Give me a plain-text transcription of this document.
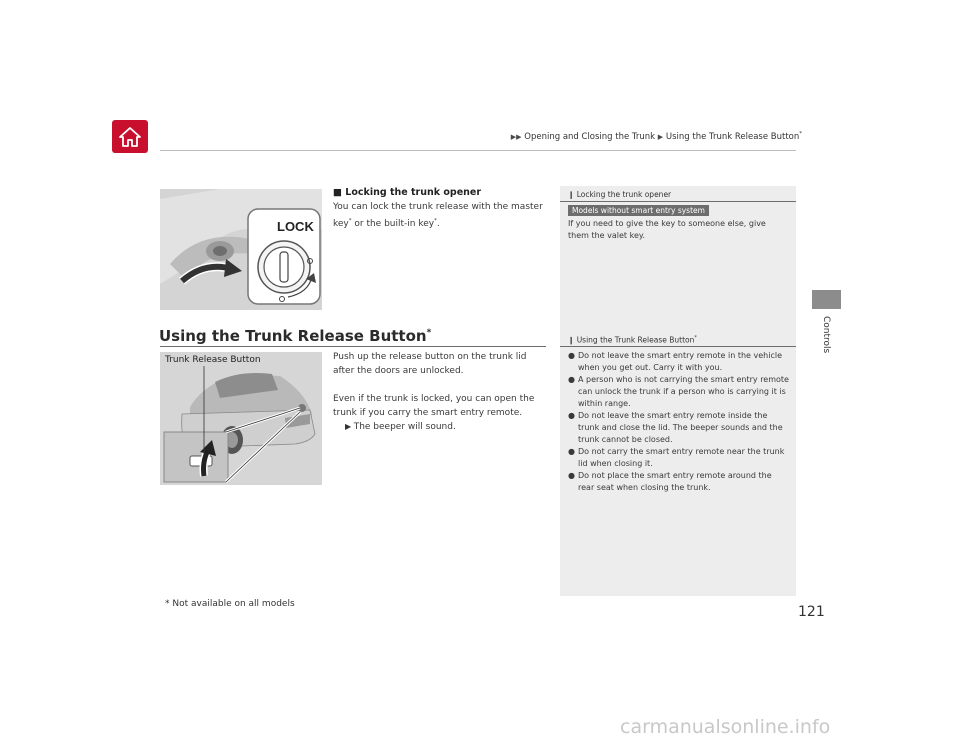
▶▶ Opening and Closing the Trunk ▶ Using the Trunk Release Button*
Controls
LOCK
■ Locking the trunk opener
You can lock the trunk release with the master key* or the built-in key*.
Using the Trunk Release Button*
Trunk Release Button	Push up the release button on the trunk lid after the doors are unlocked.
Even if the trunk is locked, you can open the trunk if you carry the smart entry remote.
▶ The beeper will sound.
❙ Locking the trunk opener
Models without smart entry system
If you need to give the key to someone else, give them the valet key.
❙ Using the Trunk Release Button*
● Do not leave the smart entry remote in the vehicle when you get out. Carry it with you.
● A person who is not carrying the smart entry remote can unlock the trunk if a person who is carrying it is within range.
● Do not leave the smart entry remote inside the trunk and close the lid. The beeper sounds and the trunk cannot be closed.
● Do not carry the smart entry remote near the trunk lid when closing it.
● Do not place the smart entry remote around the rear seat when closing the trunk.
* Not available on all models	121
carmanualsonline.info
